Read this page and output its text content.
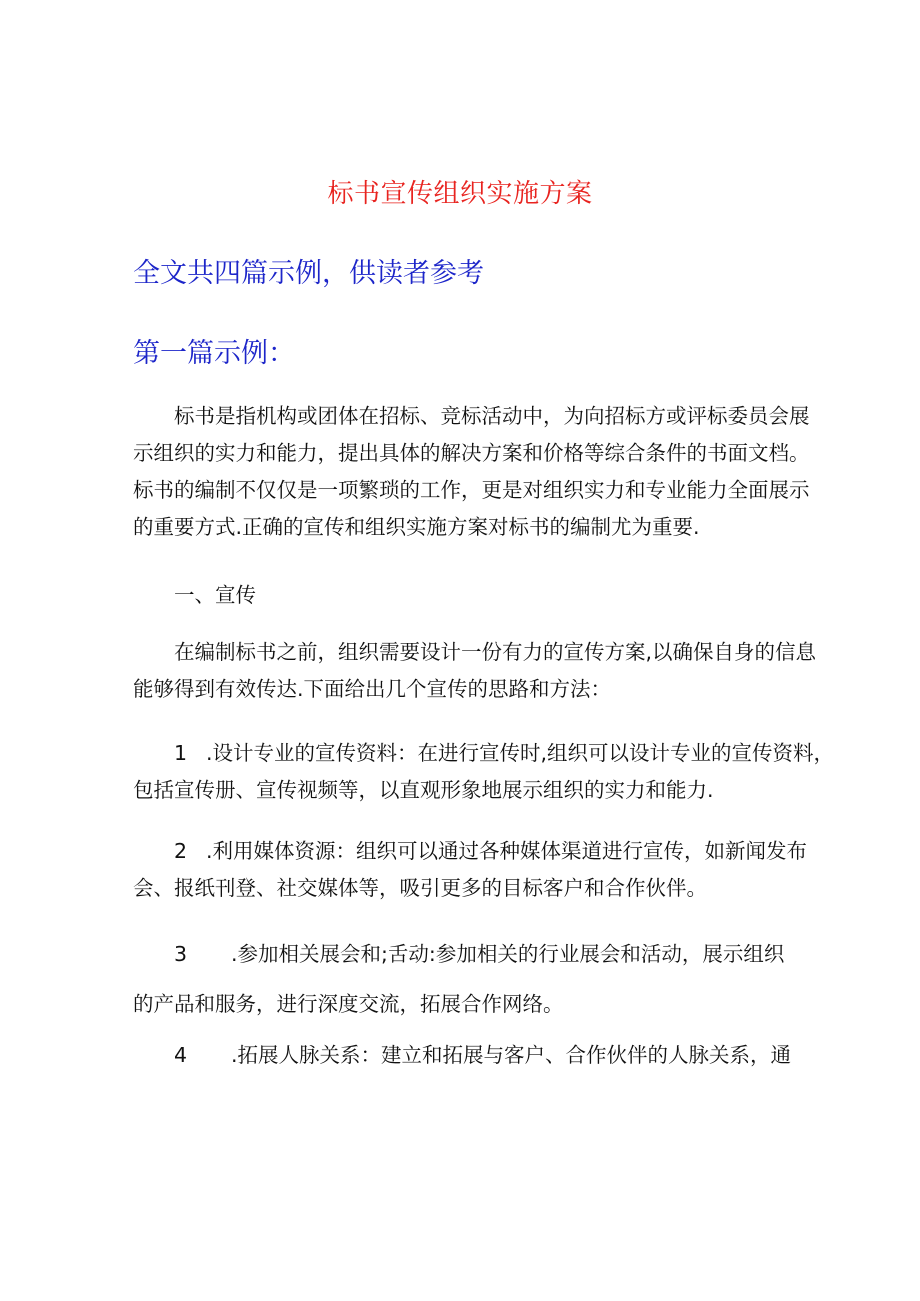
标书宣传组织实施方案
全文共四篇示例，供读者参考
第一篇示例：

标书是指机构或团体在招标、竞标活动中，为向招标方或评标委员会展
示组织的实力和能力，提出具体的解决方案和价格等综合条件的书面文档。
标书的编制不仅仅是一项繁琐的工作，更是对组织实力和专业能力全面展示
的重要方式.正确的宣传和组织实施方案对标书的编制尤为重要.

一、宣传

在编制标书之前，组织需要设计一份有力的宣传方案,以确保自身的信息
能够得到有效传达.下面给出几个宣传的思路和方法：

1 .设计专业的宣传资料：在进行宣传时,组织可以设计专业的宣传资料，
包括宣传册、宣传视频等，以直观形象地展示组织的实力和能力.
2 .利用媒体资源：组织可以通过各种媒体渠道进行宣传，如新闻发布
会、报纸刊登、社交媒体等，吸引更多的目标客户和合作伙伴。
3 .参加相关展会和;舌动:参加相关的行业展会和活动，展示组织
的产品和服务，进行深度交流，拓展合作网络。
4 .拓展人脉关系：建立和拓展与客户、合作伙伴的人脉关系，通
